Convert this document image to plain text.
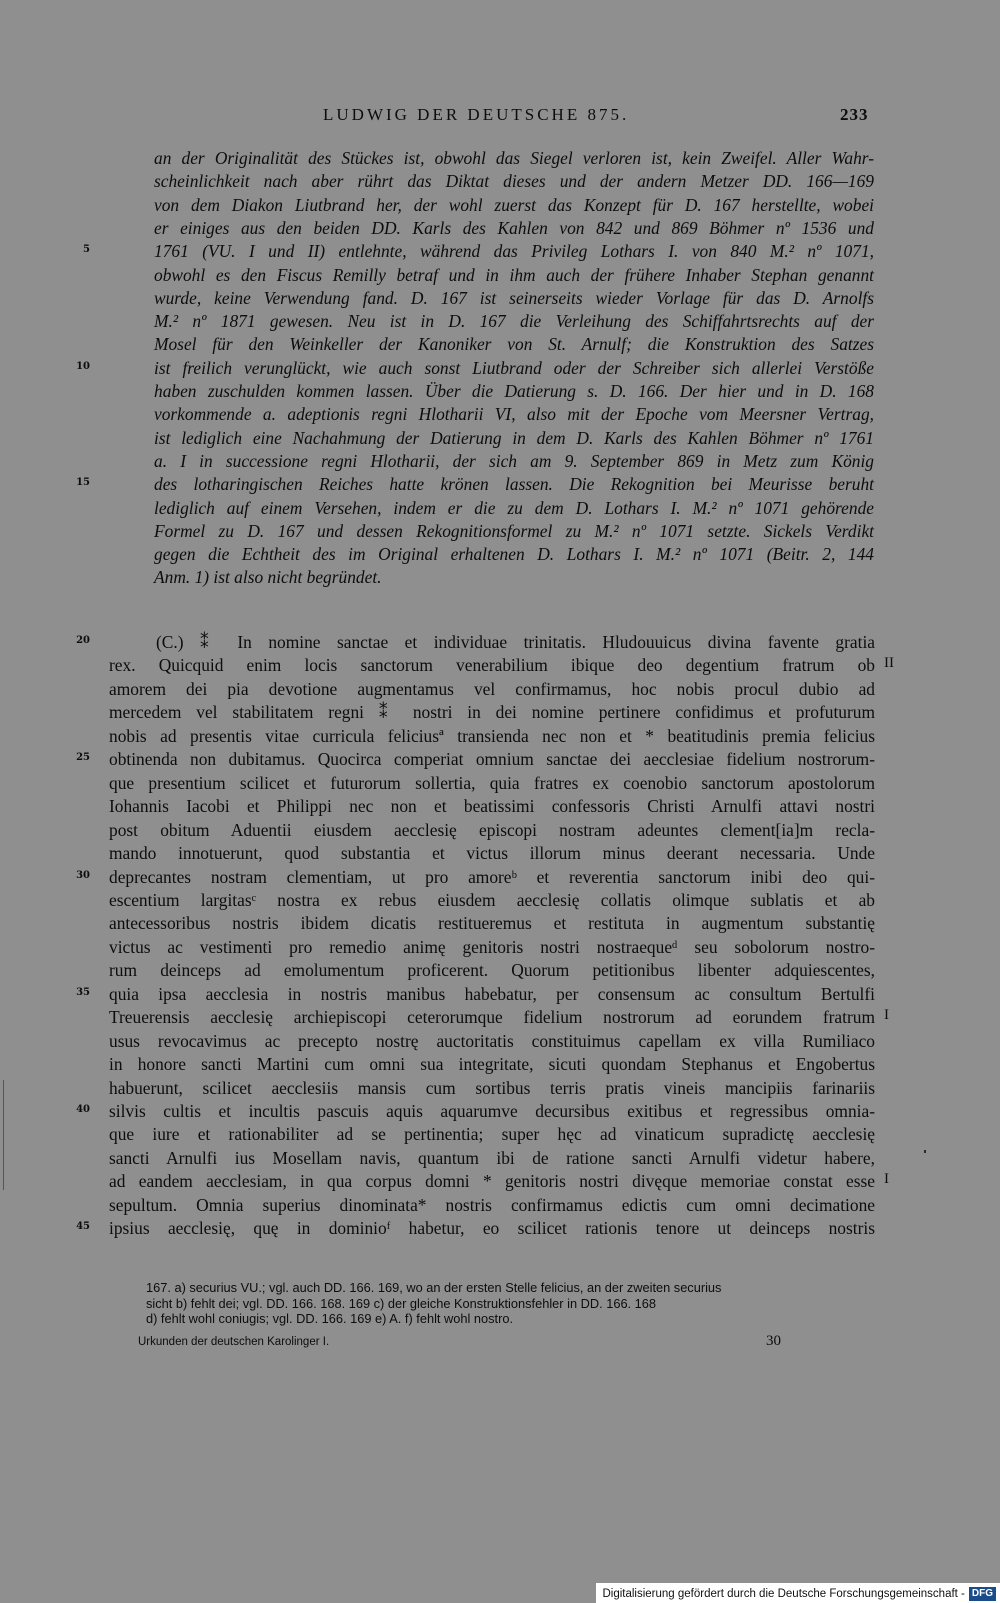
LUDWIG DER DEUTSCHE 875.	233
an der Originalität des Stückes ist, obwohl das Siegel verloren ist, kein Zweifel. Aller Wahr-
scheinlichkeit nach aber rührt das Diktat dieses und der andern Metzer DD. 166—169
von dem Diakon Liutbrand her, der wohl zuerst das Konzept für D. 167 herstellte, wobei
er einiges aus den beiden DD. Karls des Kahlen von 842 und 869 Böhmer nº 1536 und
5	1761 (VU. I und II) entlehnte, während das Privileg Lothars I. von 840 M.² nº 1071,
obwohl es den Fiscus Remilly betraf und in ihm auch der frühere Inhaber Stephan genannt
wurde, keine Verwendung fand. D. 167 ist seinerseits wieder Vorlage für das D. Arnolfs
M.² nº 1871 gewesen. Neu ist in D. 167 die Verleihung des Schiffahrtsrechts auf der
Mosel für den Weinkeller der Kanoniker von St. Arnulf; die Konstruktion des Satzes
10	ist freilich verunglückt, wie auch sonst Liutbrand oder der Schreiber sich allerlei Verstöße
haben zuschulden kommen lassen. Über die Datierung s. D. 166. Der hier und in D. 168
vorkommende a. adeptionis regni Hlotharii VI, also mit der Epoche vom Meersner Vertrag,
ist lediglich eine Nachahmung der Datierung in dem D. Karls des Kahlen Böhmer nº 1761
a. I in successione regni Hlotharii, der sich am 9. September 869 in Metz zum König
15	des lotharingischen Reiches hatte krönen lassen. Die Rekognition bei Meurisse beruht
lediglich auf einem Versehen, indem er die zu dem D. Lothars I. M.² nº 1071 gehörende
Formel zu D. 167 und dessen Rekognitionsformel zu M.² nº 1071 setzte. Sickels Verdikt
gegen die Echtheit des im Original erhaltenen D. Lothars I. M.² nº 1071 (Beitr. 2, 144
Anm. 1) ist also nicht begründet.
20	(C.) ⁑ In nomine sanctae et individuae trinitatis. Hludouuicus divina favente gratia
rex. Quicquid enim locis sanctorum venerabilium ibique deo degentium fratrum ob II
amorem dei pia devotione augmentamus vel confirmamus, hoc nobis procul dubio ad
mercedem vel stabilitatem regni ⁑ nostri in dei nomine pertinere confidimus et profuturum
nobis ad presentis vitae curricula feliciusª transienda nec non et * beatitudinis premia felicius
25 obtinenda non dubitamus. Quocirca comperiat omnium sanctae dei aecclesiae fidelium nostrorum-
que presentium scilicet et futurorum sollertia, quia fratres ex coenobio sanctorum apostolorum
Iohannis Iacobi et Philippi nec non et beatissimi confessoris Christi Arnulfi attavi nostri
post obitum Aduentii eiusdem aecclesię episcopi nostram adeuntes clement[ia]m recla-
mando innotuerunt, quod substantia et victus illorum minus deerant necessaria. Unde
30 deprecantes nostram clementiam, ut pro amoreᵇ et reverentia sanctorum inibi deo qui-
escentium largitasᶜ nostra ex rebus eiusdem aecclesię collatis olimque sublatis et ab
antecessoribus nostris ibidem dicatis restitueremus et restituta in augmentum substantię
victus ac vestimenti pro remedio animę genitoris nostri nostraequeᵈ seu sobolorum nostro-
rum deinceps ad emolumentum proficerent. Quorum petitionibus libenter adquiescentes,
35 quia ipsa aecclesia in nostris manibus habebatur, per consensum ac consultum Bertulfi
Treuerensis aecclesię archiepiscopi ceterorumque fidelium nostrorum ad eorundem fratrum I
usus revocavimus ac precepto nostrę auctoritatis constituimus capellam ex villa Rumiliaco
in honore sancti Martini cum omni sua integritate, sicuti quondam Stephanus et Engobertus
habuerunt, scilicet aecclesiis mansis cum sortibus terris pratis vineis mancipiis farinariis
40 silvis cultis et incultis pascuis aquis aquarumve decursibus exitibus et regressibus omnia-
que iure et rationabiliter ad se pertinentia; super hęc ad vinaticum supradictę aecclesię
sancti Arnulfi ius Mosellam navis, quantum ibi de ratione sancti Arnulfi videtur habere,
ad eandem aecclesiam, in qua corpus domni * genitoris nostri divęque memoriae constat esse I
sepultum. Omnia superius dinominata* nostris confirmamus edictis cum omni decimatione
45 ipsius aecclesię, quę in dominioᶠ habetur, eo scilicet rationis tenore ut deinceps nostris
167. a) securius VU.; vgl. auch DD. 166. 169, wo an der ersten Stelle felicius, an der zweiten securius
sicht b) fehlt dei; vgl. DD. 166. 168. 169 c) der gleiche Konstruktionsfehler in DD. 166. 168
d) fehlt wohl coniugis; vgl. DD. 166. 169 e) A. f) fehlt wohl nostro.
Urkunden der deutschen Karolinger I.	30
Digitalisierung gefördert durch die Deutsche Forschungsgemeinschaft - DFG
